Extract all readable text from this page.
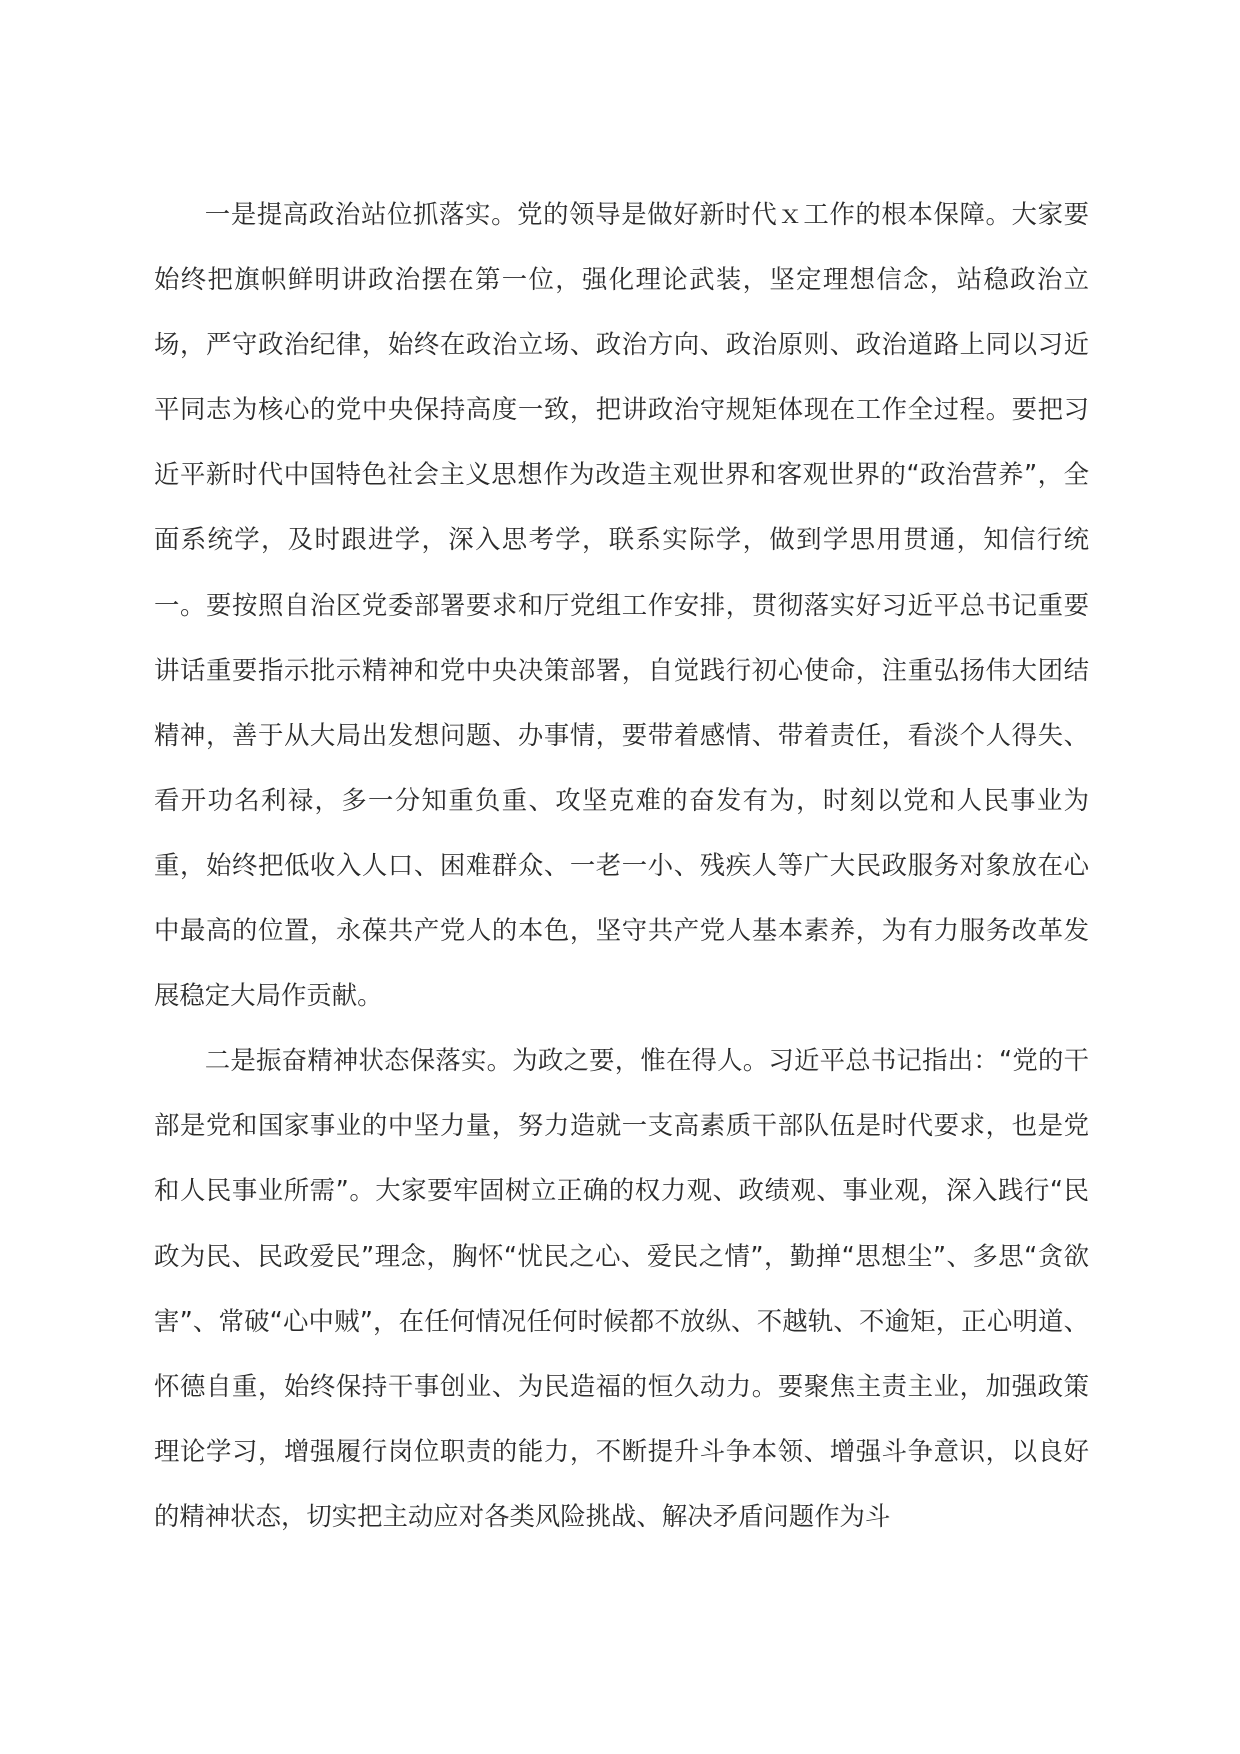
一是提高政治站位抓落实。党的领导是做好新时代ｘ工作的根本保障。大家要始终把旗帜鲜明讲政治摆在第一位，强化理论武装，坚定理想信念，站稳政治立场，严守政治纪律，始终在政治立场、政治方向、政治原则、政治道路上同以习近平同志为核心的党中央保持高度一致，把讲政治守规矩体现在工作全过程。要把习近平新时代中国特色社会主义思想作为改造主观世界和客观世界的“政治营养”，全面系统学，及时跟进学，深入思考学，联系实际学，做到学思用贯通，知信行统一。要按照自治区党委部署要求和厅党组工作安排，贯彻落实好习近平总书记重要讲话重要指示批示精神和党中央决策部署，自觉践行初心使命，注重弘扬伟大团结精神，善于从大局出发想问题、办事情，要带着感情、带着责任，看淡个人得失、看开功名利禄，多一分知重负重、攻坚克难的奋发有为，时刻以党和人民事业为重，始终把低收入人口、困难群众、一老一小、残疾人等广大民政服务对象放在心中最高的位置，永葆共产党人的本色，坚守共产党人基本素养，为有力服务改革发展稳定大局作贡献。

二是振奋精神状态保落实。为政之要，惟在得人。习近平总书记指出：“党的干部是党和国家事业的中坚力量，努力造就一支高素质干部队伍是时代要求，也是党和人民事业所需”。大家要牢固树立正确的权力观、政绩观、事业观，深入践行“民政为民、民政爱民”理念，胸怀“忧民之心、爱民之情”，勤掸“思想尘”、多思“贪欲害”、常破“心中贼”，在任何情况任何时候都不放纵、不越轨、不逾矩，正心明道、怀德自重，始终保持干事创业、为民造福的恒久动力。要聚焦主责主业，加强政策理论学习，增强履行岗位职责的能力，不断提升斗争本领、增强斗争意识，以良好的精神状态，切实把主动应对各类风险挑战、解决矛盾问题作为斗
